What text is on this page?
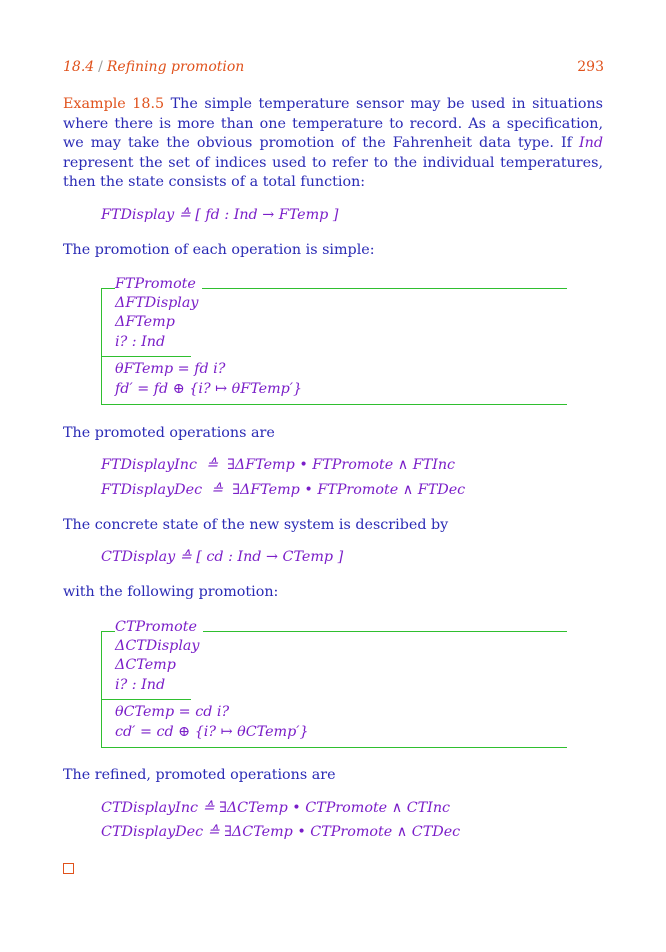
18.4 / Refining promotion	293
Example 18.5 The simple temperature sensor may be used in situations where there is more than one temperature to record. As a specification, we may take the obvious promotion of the Fahrenheit data type. If Ind represent the set of indices used to refer to the individual temperatures, then the state consists of a total function:
FTDisplay ≙ [ fd : Ind → FTemp ]
The promotion of each operation is simple:
FTPromote
ΔFTDisplay
ΔFTemp
i? : Ind
θFTemp = fd i?
fd′ = fd ⊕ {i? ↦ θFTemp′}
The promoted operations are
FTDisplayInc  ≙  ∃ΔFTemp • FTPromote ∧ FTInc
FTDisplayDec  ≙  ∃ΔFTemp • FTPromote ∧ FTDec
The concrete state of the new system is described by
CTDisplay ≙ [ cd : Ind → CTemp ]
with the following promotion:
CTPromote
ΔCTDisplay
ΔCTemp
i? : Ind
θCTemp = cd i?
cd′ = cd ⊕ {i? ↦ θCTemp′}
The refined, promoted operations are
CTDisplayInc ≙ ∃ΔCTemp • CTPromote ∧ CTInc
CTDisplayDec ≙ ∃ΔCTemp • CTPromote ∧ CTDec
